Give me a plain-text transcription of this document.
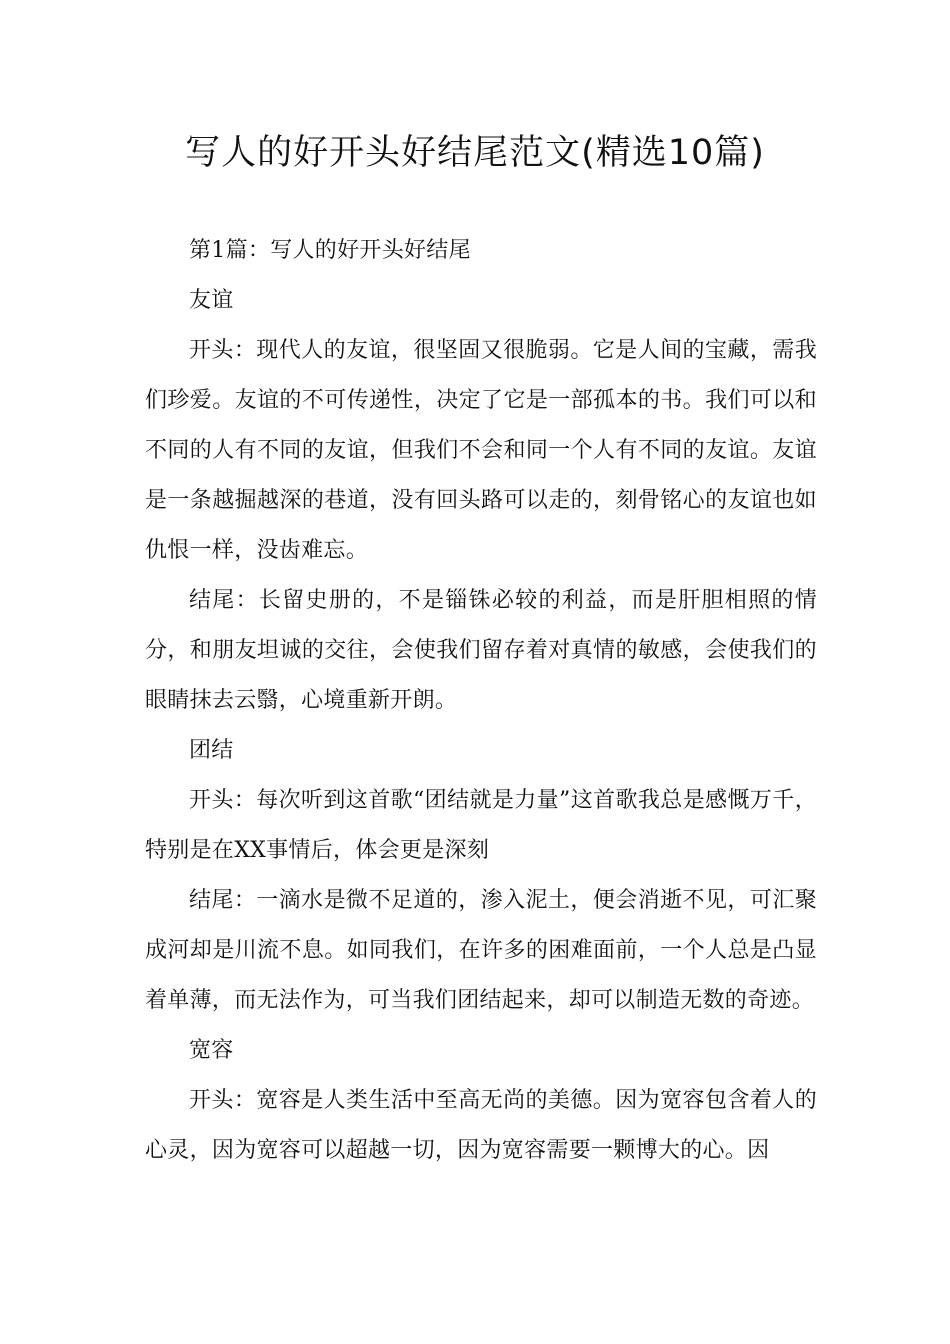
写人的好开头好结尾范文(精选10篇)

第1篇：写人的好开头好结尾

友谊

开头：现代人的友谊，很坚固又很脆弱。它是人间的宝藏，需我们珍爱。友谊的不可传递性，决定了它是一部孤本的书。我们可以和不同的人有不同的友谊，但我们不会和同一个人有不同的友谊。友谊是一条越掘越深的巷道，没有回头路可以走的，刻骨铭心的友谊也如仇恨一样，没齿难忘。

结尾：长留史册的，不是锱铢必较的利益，而是肝胆相照的情分，和朋友坦诚的交往，会使我们留存着对真情的敏感，会使我们的眼睛抹去云翳，心境重新开朗。

团结

开头：每次听到这首歌“团结就是力量”这首歌我总是感慨万千，特别是在XX事情后，体会更是深刻

结尾：一滴水是微不足道的，渗入泥土，便会消逝不见，可汇聚成河却是川流不息。如同我们，在许多的困难面前，一个人总是凸显着单薄，而无法作为，可当我们团结起来，却可以制造无数的奇迹。

宽容

开头：宽容是人类生活中至高无尚的美德。因为宽容包含着人的心灵，因为宽容可以超越一切，因为宽容需要一颗博大的心。因
